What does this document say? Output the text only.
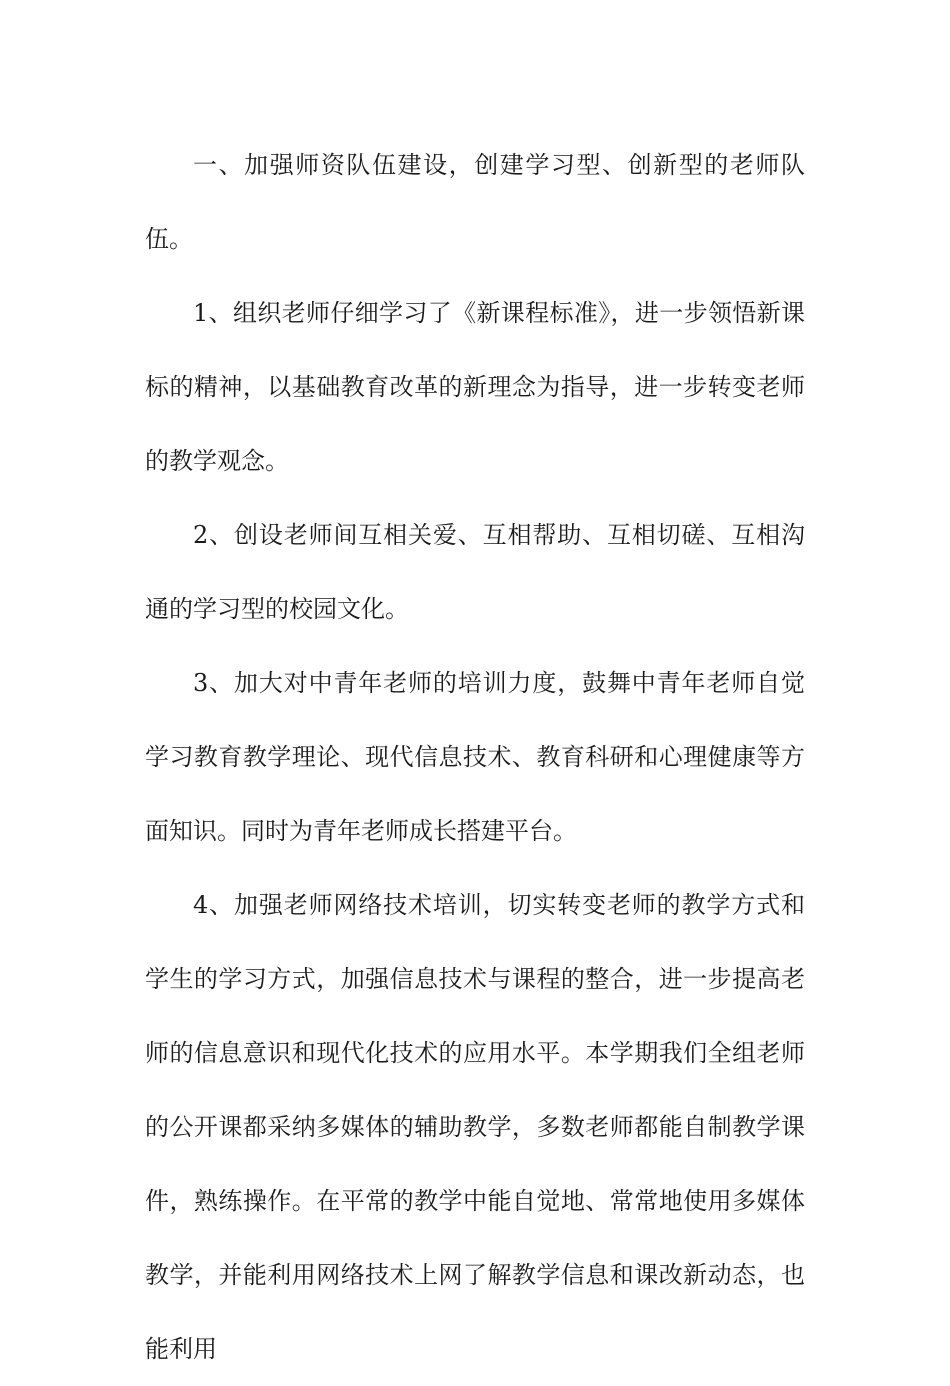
一、加强师资队伍建设，创建学习型、创新型的老师队伍。

1、组织老师仔细学习了《新课程标准》，进一步领悟新课标的精神，以基础教育改革的新理念为指导，进一步转变老师的教学观念。

2、创设老师间互相关爱、互相帮助、互相切磋、互相沟通的学习型的校园文化。

3、加大对中青年老师的培训力度，鼓舞中青年老师自觉学习教育教学理论、现代信息技术、教育科研和心理健康等方面知识。同时为青年老师成长搭建平台。

4、加强老师网络技术培训，切实转变老师的教学方式和学生的学习方式，加强信息技术与课程的整合，进一步提高老师的信息意识和现代化技术的应用水平。本学期我们全组老师的公开课都采纳多媒体的辅助教学，多数老师都能自制教学课件，熟练操作。在平常的教学中能自觉地、常常地使用多媒体教学，并能利用网络技术上网了解教学信息和课改新动态，也能利用
